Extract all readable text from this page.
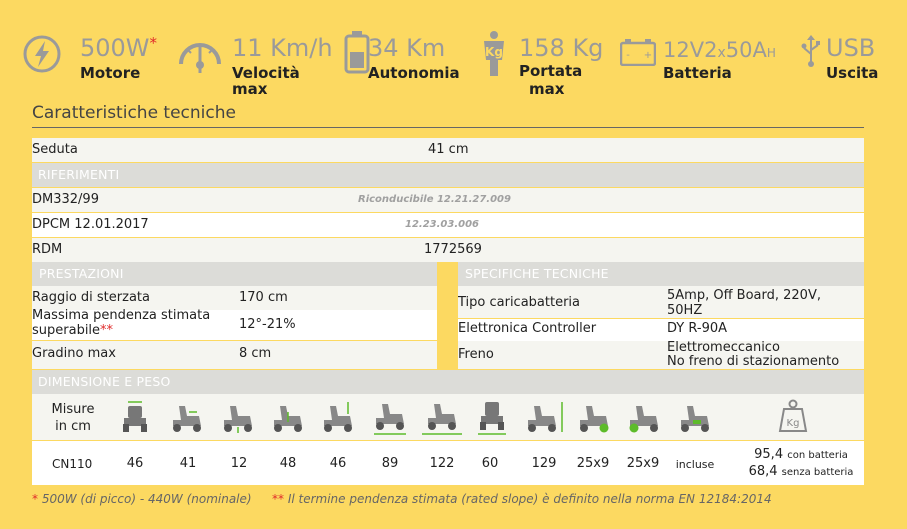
500W*
Motore
11 Km/h
Velocità
max
34 Km
Autonomia
Kg 158 Kg
Portata
max
- + 12V2x50AH
Batteria
USB
Uscita
Caratteristiche tecniche
Seduta	41 cm
RIFERIMENTI
DM332/99	Riconducibile 12.21.27.009
DPCM 12.01.2017	12.23.03.006
RDM	1772569
PRESTAZIONI
Raggio di sterzata	170 cm
Massima pendenza stimata
superabile**	12°-21%
Gradino max	8 cm
SPECIFICHE TECNICHE
Tipo caricabatteria	5Amp, Off Board, 220V,
50HZ
Elettronica Controller	DY R-90A
Freno	Elettromeccanico
No freno di stazionamento
DIMENSIONE E PESO
Misure
in cm	Kg
CN110	46	41	12	48	46	89	122	60	129	25x9 25x9	incluse
95,4 con batteria
68,4 senza batteria
* 500W (di picco) - 440W (nominale) ** Il termine pendenza stimata (rated slope) è definito nella norma EN 12184:2014
